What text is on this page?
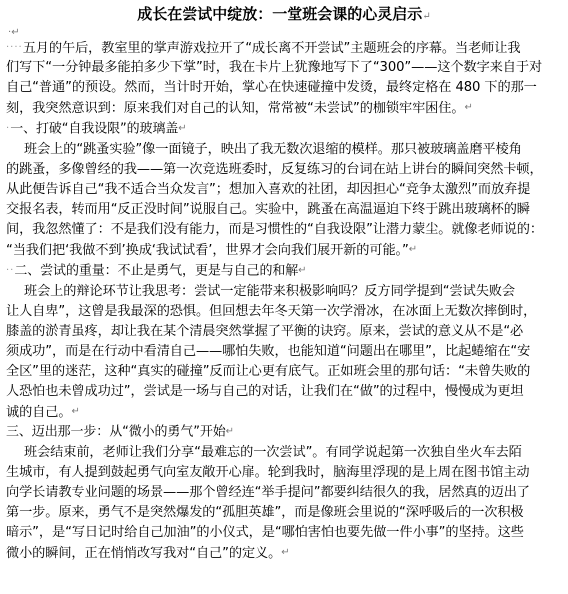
成长在尝试中绽放：一堂班会课的心灵启示↵
·↵
····五月的午后，教室里的掌声游戏拉开了“成长离不开尝试”主题班会的序幕。当老师让我
们写下“一分钟最多能拍多少下掌”时，我在卡片上犹豫地写下了“300”——这个数字来自于对
自己“普通”的预设。然而，当计时开始，掌心在快速碰撞中发烫，最终定格在 480 下的那一
刻，我突然意识到：原来我们对自己的认知，常常被“未尝试”的枷锁牢牢困住。↵
·一、打破“自我设限”的玻璃盖↵
班会上的“跳蚤实验”像一面镜子，映出了我无数次退缩的模样。那只被玻璃盖磨平棱角
的跳蚤，多像曾经的我——第一次竞选班委时，反复练习的台词在站上讲台的瞬间突然卡顿，
从此便告诉自己“我不适合当众发言”；想加入喜欢的社团，却因担心“竞争太激烈”而放弃提
交报名表，转而用“反正没时间”说服自己。实验中，跳蚤在高温逼迫下终于跳出玻璃杯的瞬
间，我忽然懂了：不是我们没有能力，而是习惯性的“自我设限”让潜力蒙尘。就像老师说的：
“当我们把‘我做不到’换成‘我试试看’，世界才会向我们展开新的可能。”↵
··二、尝试的重量：不止是勇气，更是与自己的和解↵
班会上的辩论环节让我思考：尝试一定能带来积极影响吗？反方同学提到“尝试失败会
让人自卑”，这曾是我最深的恐惧。但回想去年冬天第一次学滑冰，在冰面上无数次摔倒时，
膝盖的淤青虽疼，却让我在某个清晨突然掌握了平衡的诀窍。原来，尝试的意义从不是“必
须成功”，而是在行动中看清自己——哪怕失败，也能知道“问题出在哪里”，比起蜷缩在“安
全区”里的迷茫，这种“真实的碰撞”反而让心更有底气。正如班会里的那句话：“未曾失败的
人恐怕也未曾成功过”，尝试是一场与自己的对话，让我们在“做”的过程中，慢慢成为更坦
诚的自己。↵
三、迈出那一步：从“微小的勇气”开始↵
班会结束前，老师让我们分享“最难忘的一次尝试”。有同学说起第一次独自坐火车去陌
生城市，有人提到鼓起勇气向室友敞开心扉。轮到我时，脑海里浮现的是上周在图书馆主动
向学长请教专业问题的场景——那个曾经连“举手提问”都要纠结很久的我，居然真的迈出了
第一步。原来，勇气不是突然爆发的“孤胆英雄”，而是像班会里说的“深呼吸后的一次积极
暗示”，是“写日记时给自己加油”的小仪式，是“哪怕害怕也要先做一件小事”的坚持。这些
微小的瞬间，正在悄悄改写我对“自己”的定义。↵
